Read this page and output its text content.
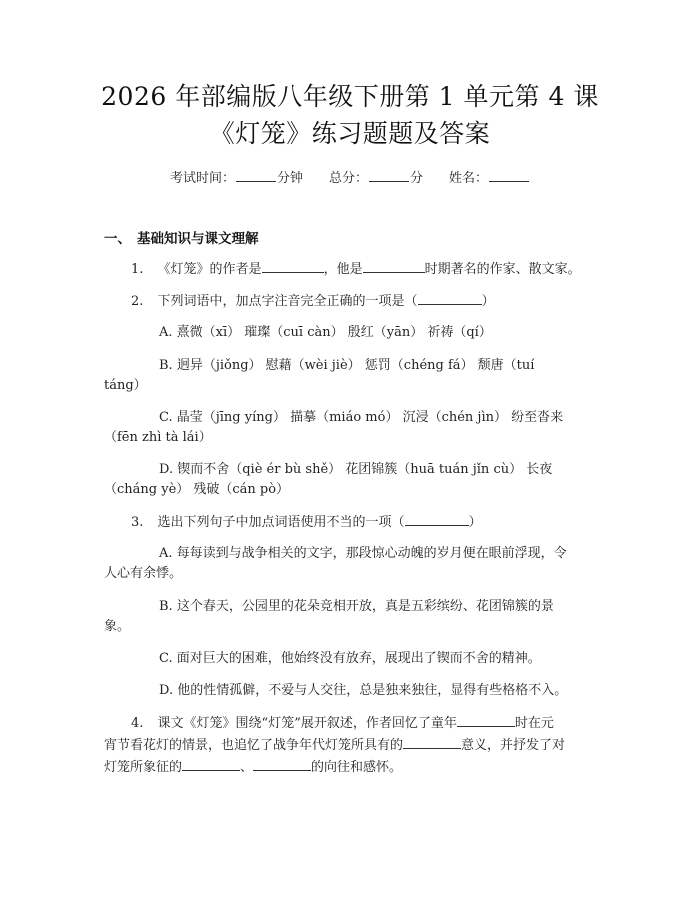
2026 年部编版八年级下册第 1 单元第 4 课
《灯笼》练习题题及答案
考试时间：	分钟 总分：	分 姓名：
一、 基础知识与课文理解
1. 《灯笼》的作者是	，他是	时期著名的作家、散文家。
2. 下列词语中，加点字注音完全正确的一项是（	）
A. 熹微（xī） 璀璨（cuī càn） 殷红（yān） 祈祷（qí）
B. 迥异（jiǒng） 慰藉（wèi jiè） 惩罚（chéng fá） 颓唐（tuí
táng）
C. 晶莹（jīng yíng） 描摹（miáo mó） 沉浸（chén jìn） 纷至沓来
（fēn zhì tà lái）
D. 锲而不舍（qiè ér bù shě） 花团锦簇（huā tuán jǐn cù） 长夜
（cháng yè） 残破（cán pò）
3. 选出下列句子中加点词语使用不当的一项（	）
A. 每每读到与战争相关的文字，那段惊心动魄的岁月便在眼前浮现，令
人心有余悸。
B. 这个春天，公园里的花朵竞相开放，真是五彩缤纷、花团锦簇的景
象。
C. 面对巨大的困难，他始终没有放弃，展现出了锲而不舍的精神。
D. 他的性情孤僻，不爱与人交往，总是独来独往，显得有些格格不入。
4. 课文《灯笼》围绕“灯笼”展开叙述，作者回忆了童年	时在元
宵节看花灯的情景，也追忆了战争年代灯笼所具有的	意义，并抒发了对
灯笼所象征的	、	的向往和感怀。
